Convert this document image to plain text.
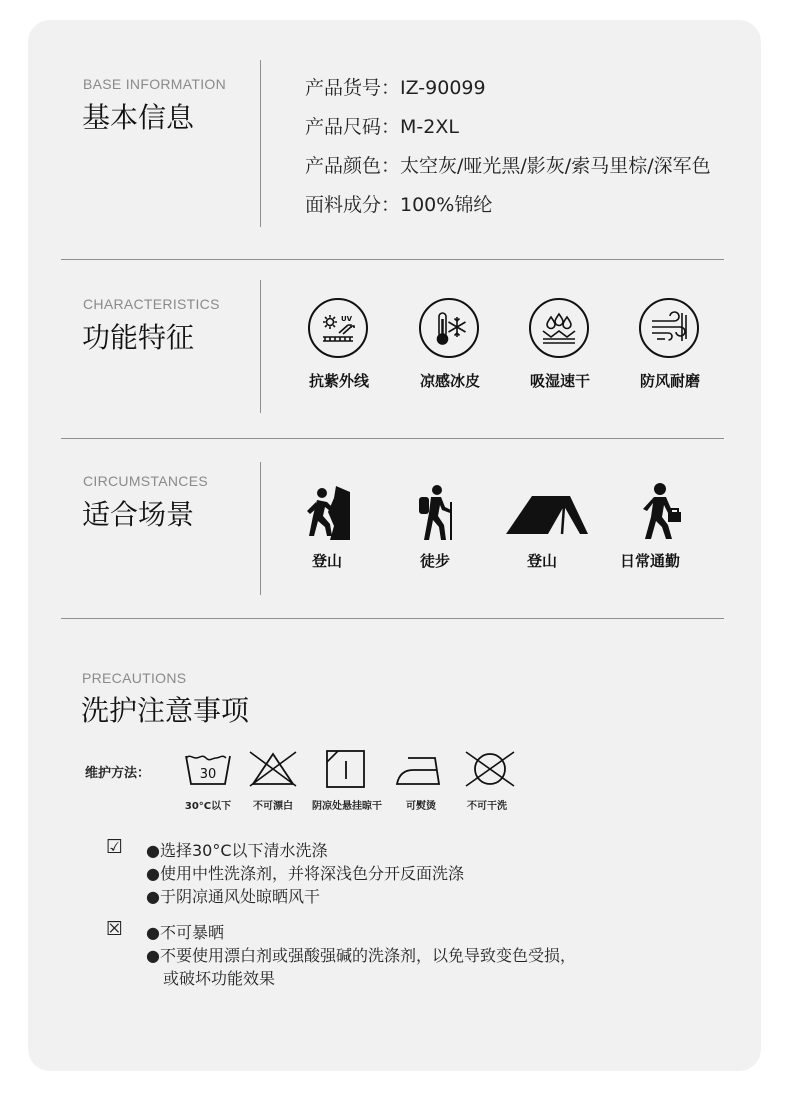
BASE INFORMATION
基本信息
产品货号：IZ-90099
产品尺码：M-2XL
产品颜色：太空灰/哑光黑/影灰/索马里棕/深军色
面料成分：100%锦纶
CHARACTERISTICS
功能特征
UV
抗紫外线	凉感冰皮	吸湿速干	防风耐磨
CIRCUMSTANCES
适合场景
登山	徒步	登山	日常通勤
PRECAUTIONS
洗护注意事项
维护方法：	30
30°C以下	不可漂白	阴凉处悬挂晾干	可熨烫	不可干洗
☑ ●选择30°C以下清水洗涤
●使用中性洗涤剂，并将深浅色分开反面洗涤
●于阴凉通风处晾晒风干
☒ ●不可暴晒
●不要使用漂白剂或强酸强碱的洗涤剂，以免导致变色受损，
或破坏功能效果
